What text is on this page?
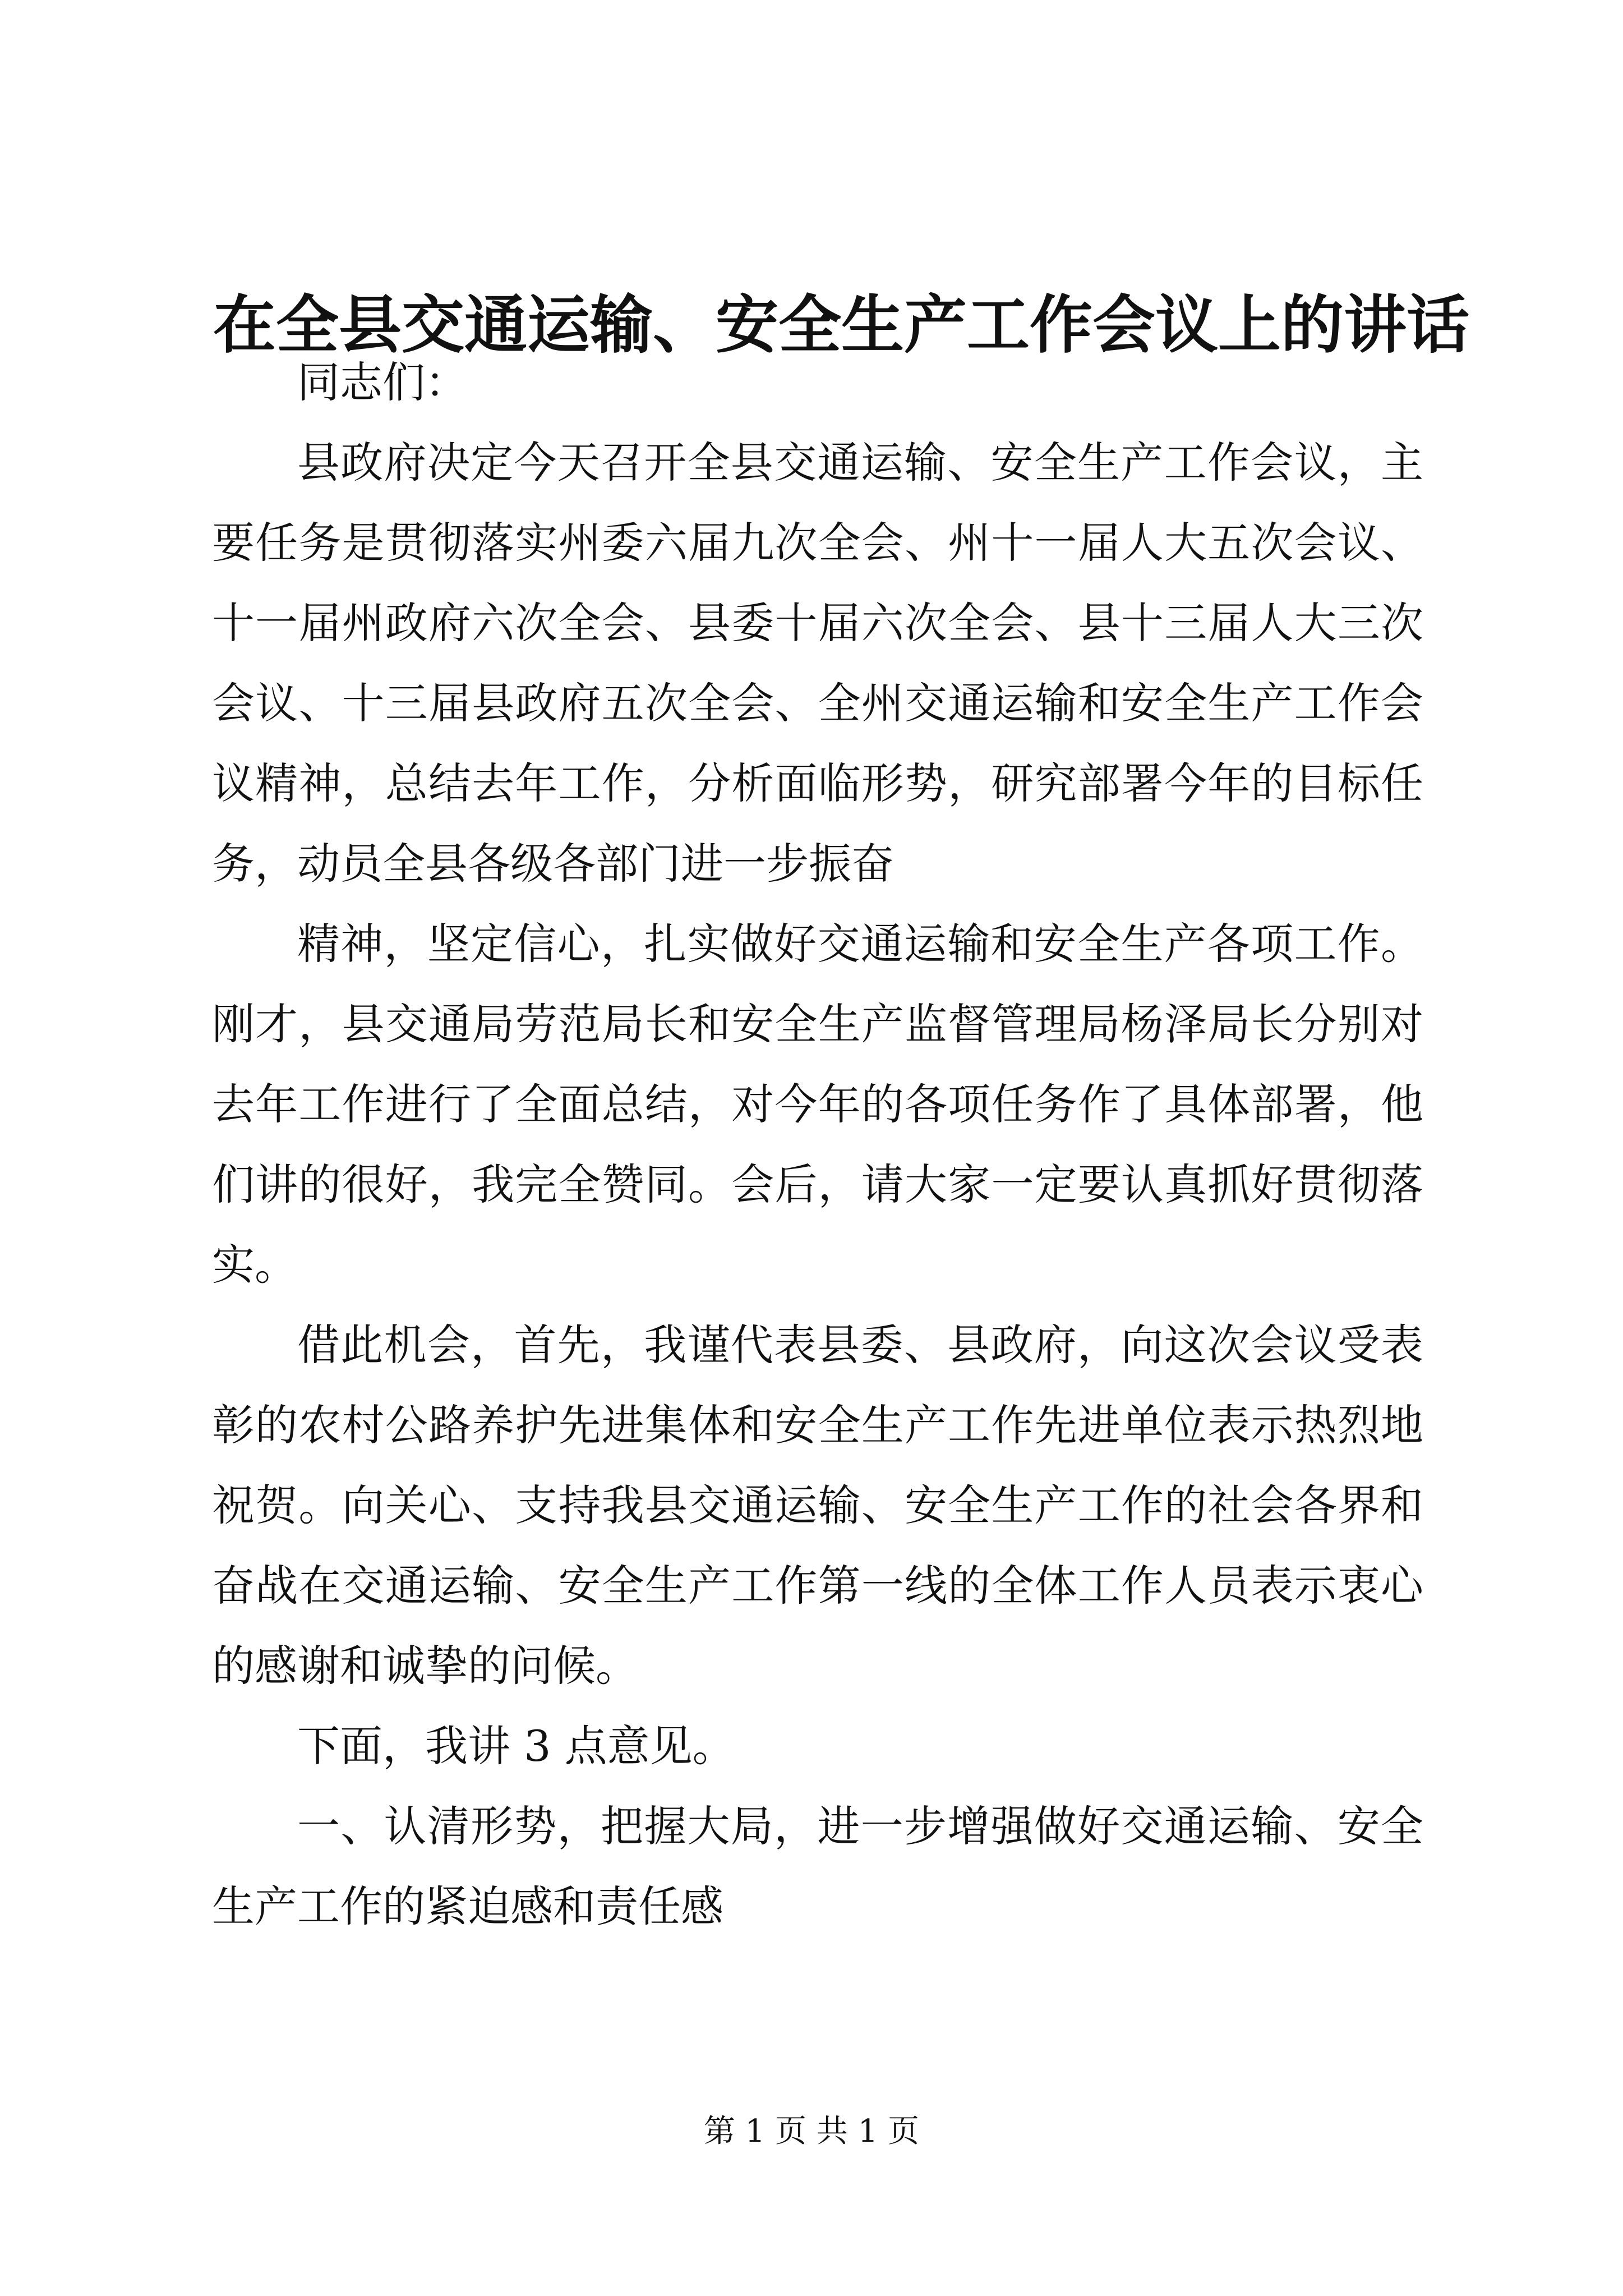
在全县交通运输、安全生产工作会议上的讲话

同志们：

县政府决定今天召开全县交通运输、安全生产工作会议，主要任务是贯彻落实州委六届九次全会、州十一届人大五次会议、十一届州政府六次全会、县委十届六次全会、县十三届人大三次会议、十三届县政府五次全会、全州交通运输和安全生产工作会议精神，总结去年工作，分析面临形势，研究部署今年的目标任务，动员全县各级各部门进一步振奋

精神，坚定信心，扎实做好交通运输和安全生产各项工作。刚才，县交通局劳范局长和安全生产监督管理局杨泽局长分别对去年工作进行了全面总结，对今年的各项任务作了具体部署，他们讲的很好，我完全赞同。会后，请大家一定要认真抓好贯彻落实。

借此机会，首先，我谨代表县委、县政府，向这次会议受表彰的农村公路养护先进集体和安全生产工作先进单位表示热烈地祝贺。向关心、支持我县交通运输、安全生产工作的社会各界和奋战在交通运输、安全生产工作第一线的全体工作人员表示衷心的感谢和诚挚的问候。

下面，我讲 3 点意见。

一、认清形势，把握大局，进一步增强做好交通运输、安全生产工作的紧迫感和责任感

第 1 页 共 1 页
